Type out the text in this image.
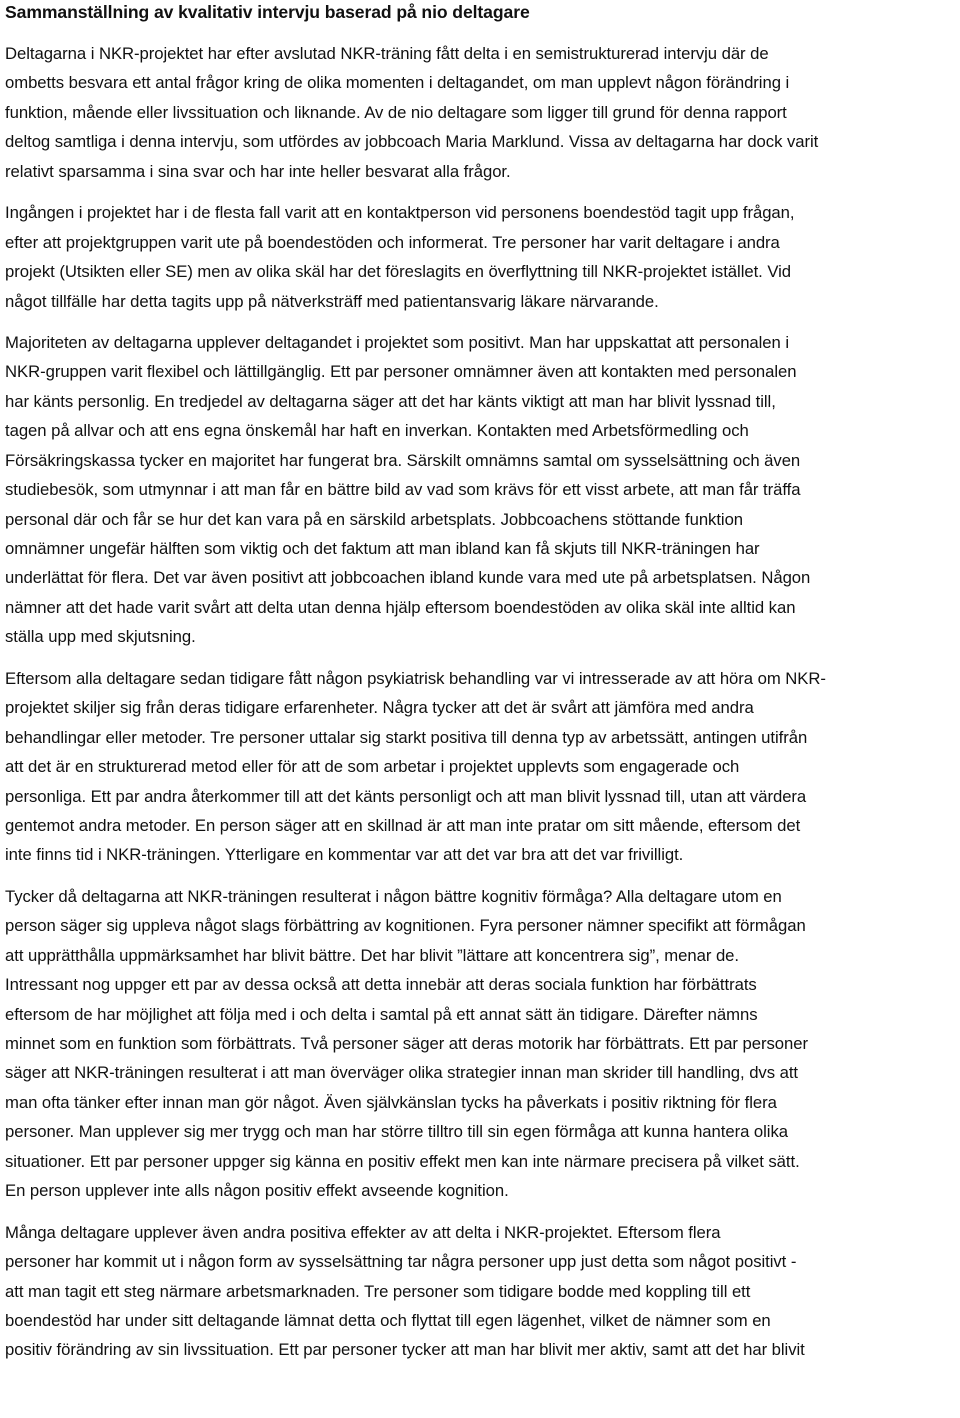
Sammanställning av kvalitativ intervju baserad på nio deltagare

Deltagarna i NKR-projektet har efter avslutad NKR-träning fått delta i en semistrukturerad intervju där de
ombetts besvara ett antal frågor kring de olika momenten i deltagandet, om man upplevt någon förändring i
funktion, mående eller livssituation och liknande. Av de nio deltagare som ligger till grund för denna rapport
deltog samtliga i denna intervju, som utfördes av jobbcoach Maria Marklund. Vissa av deltagarna har dock varit
relativt sparsamma i sina svar och har inte heller besvarat alla frågor.

Ingången i projektet har i de flesta fall varit att en kontaktperson vid personens boendestöd tagit upp frågan,
efter att projektgruppen varit ute på boendestöden och informerat. Tre personer har varit deltagare i andra
projekt (Utsikten eller SE) men av olika skäl har det föreslagits en överflyttning till NKR-projektet istället. Vid
något tillfälle har detta tagits upp på nätverksträff med patientansvarig läkare närvarande.

Majoriteten av deltagarna upplever deltagandet i projektet som positivt. Man har uppskattat att personalen i
NKR-gruppen varit flexibel och lättillgänglig. Ett par personer omnämner även att kontakten med personalen
har känts personlig. En tredjedel av deltagarna säger att det har känts viktigt att man har blivit lyssnad till,
tagen på allvar och att ens egna önskemål har haft en inverkan. Kontakten med Arbetsförmedling och
Försäkringskassa tycker en majoritet har fungerat bra. Särskilt omnämns samtal om sysselsättning och även
studiebesök, som utmynnar i att man får en bättre bild av vad som krävs för ett visst arbete, att man får träffa
personal där och får se hur det kan vara på en särskild arbetsplats. Jobbcoachens stöttande funktion
omnämner ungefär hälften som viktig och det faktum att man ibland kan få skjuts till NKR-träningen har
underlättat för flera. Det var även positivt att jobbcoachen ibland kunde vara med ute på arbetsplatsen. Någon
nämner att det hade varit svårt att delta utan denna hjälp eftersom boendestöden av olika skäl inte alltid kan
ställa upp med skjutsning.

Eftersom alla deltagare sedan tidigare fått någon psykiatrisk behandling var vi intresserade av att höra om NKR-
projektet skiljer sig från deras tidigare erfarenheter. Några tycker att det är svårt att jämföra med andra
behandlingar eller metoder. Tre personer uttalar sig starkt positiva till denna typ av arbetssätt, antingen utifrån
att det är en strukturerad metod eller för att de som arbetar i projektet upplevts som engagerade och
personliga. Ett par andra återkommer till att det känts personligt och att man blivit lyssnad till, utan att värdera
gentemot andra metoder. En person säger att en skillnad är att man inte pratar om sitt mående, eftersom det
inte finns tid i NKR-träningen. Ytterligare en kommentar var att det var bra att det var frivilligt.

Tycker då deltagarna att NKR-träningen resulterat i någon bättre kognitiv förmåga? Alla deltagare utom en
person säger sig uppleva något slags förbättring av kognitionen. Fyra personer nämner specifikt att förmågan
att upprätthålla uppmärksamhet har blivit bättre. Det har blivit ”lättare att koncentrera sig”, menar de.
Intressant nog uppger ett par av dessa också att detta innebär att deras sociala funktion har förbättrats
eftersom de har möjlighet att följa med i och delta i samtal på ett annat sätt än tidigare. Därefter nämns
minnet som en funktion som förbättrats. Två personer säger att deras motorik har förbättrats. Ett par personer
säger att NKR-träningen resulterat i att man överväger olika strategier innan man skrider till handling, dvs att
man ofta tänker efter innan man gör något. Även självkänslan tycks ha påverkats i positiv riktning för flera
personer. Man upplever sig mer trygg och man har större tilltro till sin egen förmåga att kunna hantera olika
situationer. Ett par personer uppger sig känna en positiv effekt men kan inte närmare precisera på vilket sätt.
En person upplever inte alls någon positiv effekt avseende kognition.

Många deltagare upplever även andra positiva effekter av att delta i NKR-projektet. Eftersom flera
personer har kommit ut i någon form av sysselsättning tar några personer upp just detta som något positivt -
att man tagit ett steg närmare arbetsmarknaden. Tre personer som tidigare bodde med koppling till ett
boendestöd har under sitt deltagande lämnat detta och flyttat till egen lägenhet, vilket de nämner som en
positiv förändring av sin livssituation. Ett par personer tycker att man har blivit mer aktiv, samt att det har blivit
